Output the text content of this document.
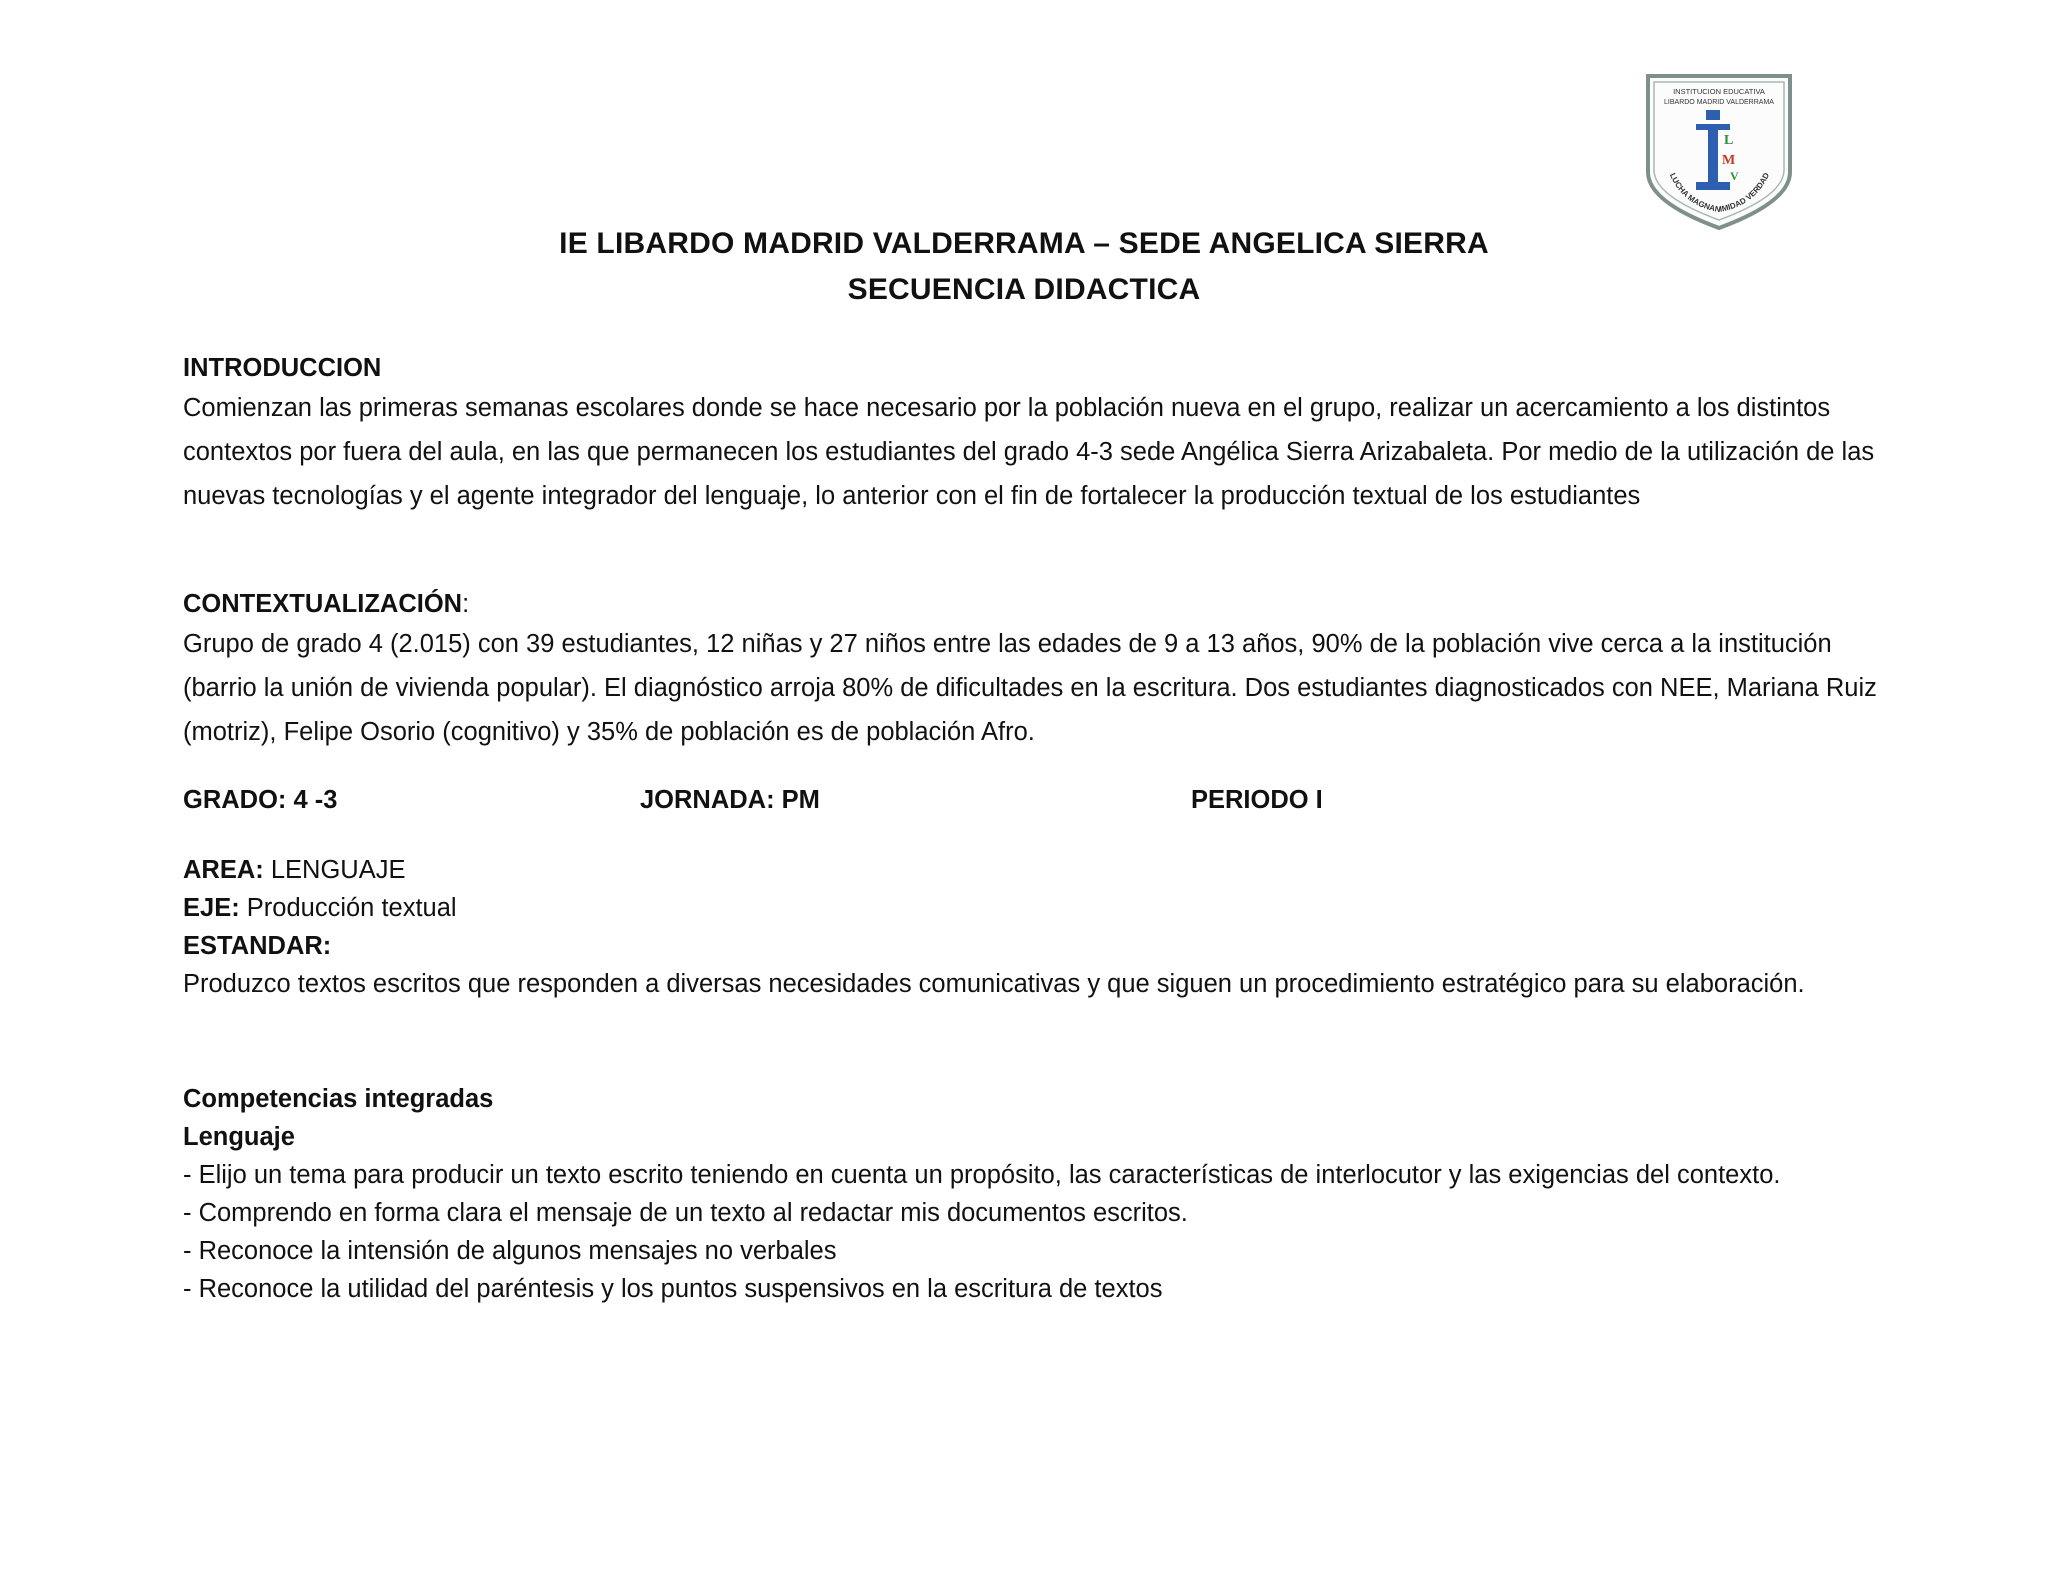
INSTITUCION EDUCATIVA
LIBARDO MADRID VALDERRAMA
L
M
V
LUCHA MAGNANIMIDAD VERDAD
IE LIBARDO MADRID VALDERRAMA – SEDE ANGELICA SIERRA
SECUENCIA DIDACTICA
INTRODUCCION

Comienzan las primeras semanas escolares donde se hace necesario por la población nueva en el grupo, realizar un acercamiento a los distintos contextos por fuera del aula, en las que permanecen los estudiantes del grado 4-3 sede Angélica Sierra Arizabaleta. Por medio de la utilización de las nuevas tecnologías y el agente integrador del lenguaje, lo anterior con el fin de fortalecer la producción textual de los estudiantes

CONTEXTUALIZACIÓN:

Grupo de grado 4 (2.015) con 39 estudiantes, 12 niñas y 27 niños entre las edades de 9 a 13 años, 90% de la población vive cerca a la institución (barrio la unión de vivienda popular). El diagnóstico arroja 80% de dificultades en la escritura. Dos estudiantes diagnosticados con NEE, Mariana Ruiz (motriz), Felipe Osorio (cognitivo) y 35% de población es de población Afro.

GRADO: 4 -3	JORNADA: PM	PERIODO I
AREA: LENGUAJE
EJE: Producción textual
ESTANDAR:

Produzco textos escritos que responden a diversas necesidades comunicativas y que siguen un procedimiento estratégico para su elaboración.

Competencias integradas
Lenguaje
- Elijo un tema para producir un texto escrito teniendo en cuenta un propósito, las características de interlocutor y las exigencias del contexto.
- Comprendo en forma clara el mensaje de un texto al redactar mis documentos escritos.
- Reconoce la intensión de algunos mensajes no verbales
- Reconoce la utilidad del paréntesis y los puntos suspensivos en la escritura de textos
